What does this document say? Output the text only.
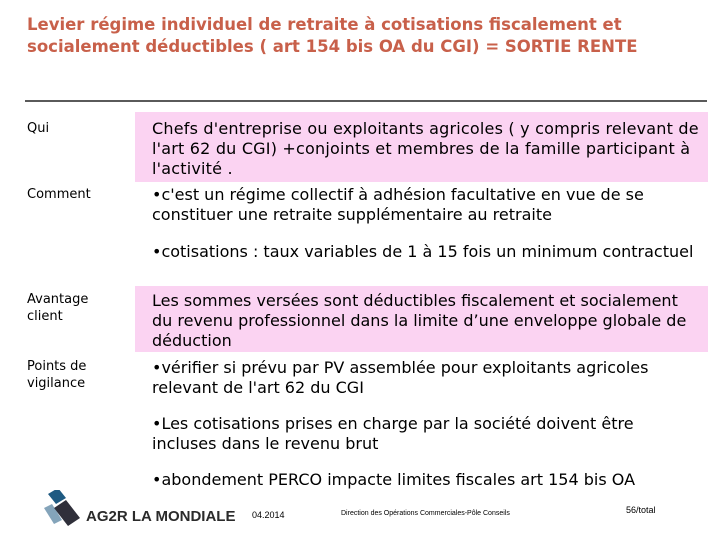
Levier régime individuel de retraite à cotisations fiscalement et
socialement déductibles ( art 154 bis OA du CGI) = SORTIE RENTE
Qui	Chefs d'entreprise ou exploitants agricoles ( y compris relevant de l'art 62 du CGI) +conjoints et membres de la famille participant à l'activité .
Comment
•	c'est un régime collectif à adhésion facultative en vue de se constituer une retraite supplémentaire au retraite
• cotisations : taux variables de 1 à 15 fois un minimum contractuel
Avantage client
Les sommes versées sont déductibles fiscalement et socialement du revenu professionnel dans la limite d’une enveloppe globale de déduction
Points de vigilance
• vérifier si prévu par PV assemblée pour exploitants agricoles relevant de l'art 62 du CGI
• Les cotisations prises en charge par la société doivent être incluses dans le revenu brut
• abondement PERCO impacte limites fiscales art 154 bis OA
AG2R LA MONDIALE 04.2014	Direction des Opérations Commerciales-Pôle Conseils	56/total
